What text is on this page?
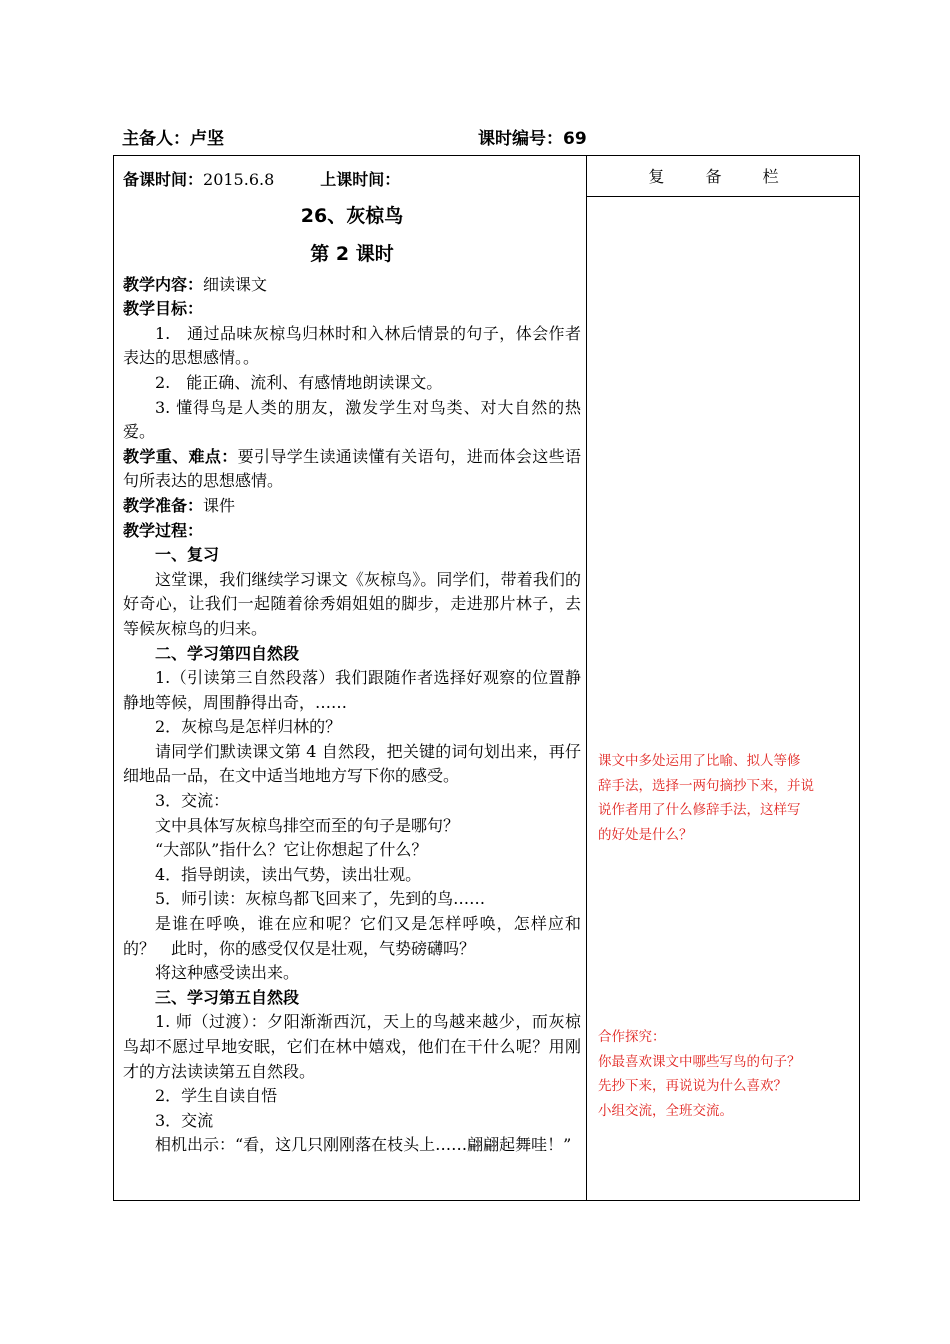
主备人：卢坚	课时编号：69
复 备 栏

备课时间：2015.6.8	上课时间：

26、灰椋鸟

第 2 课时

教学内容：细读课文

教学目标：

1.　通过品味灰椋鸟归林时和入林后情景的句子，体会作者表达的思想感情。。

2.　能正确、流利、有感情地朗读课文。

3. 懂得鸟是人类的朋友，激发学生对鸟类、对大自然的热爱。

教学重、难点：要引导学生读通读懂有关语句，进而体会这些语句所表达的思想感情。

教学准备：课件

教学过程：

一、复习

这堂课，我们继续学习课文《灰椋鸟》。同学们，带着我们的好奇心，让我们一起随着徐秀娟姐姐的脚步，走进那片林子，去等候灰椋鸟的归来。

二、学习第四自然段

1.（引读第三自然段落）我们跟随作者选择好观察的位置静静地等候，周围静得出奇，……

2．灰椋鸟是怎样归林的？

请同学们默读课文第 4 自然段，把关键的词句划出来，再仔细地品一品，在文中适当地地方写下你的感受。

3．交流：

文中具体写灰椋鸟排空而至的句子是哪句？

“大部队”指什么？它让你想起了什么？

4．指导朗读，读出气势，读出壮观。

5．师引读：灰椋鸟都飞回来了，先到的鸟……

是谁在呼唤，谁在应和呢？它们又是怎样呼唤，怎样应和的？　此时，你的感受仅仅是壮观，气势磅礴吗？

将这种感受读出来。

三、学习第五自然段

1. 师（过渡）：夕阳渐渐西沉，天上的鸟越来越少，而灰椋鸟却不愿过早地安眠，它们在林中嬉戏，他们在干什么呢？用刚才的方法读读第五自然段。

2．学生自读自悟

3．交流

相机出示：“看，这几只刚刚落在枝头上……翩翩起舞哇！”

课文中多处运用了比喻、拟人等修

辞手法，选择一两句摘抄下来，并说

说作者用了什么修辞手法，这样写

的好处是什么？

合作探究：

你最喜欢课文中哪些写鸟的句子？

先抄下来，再说说为什么喜欢？

小组交流，全班交流。
